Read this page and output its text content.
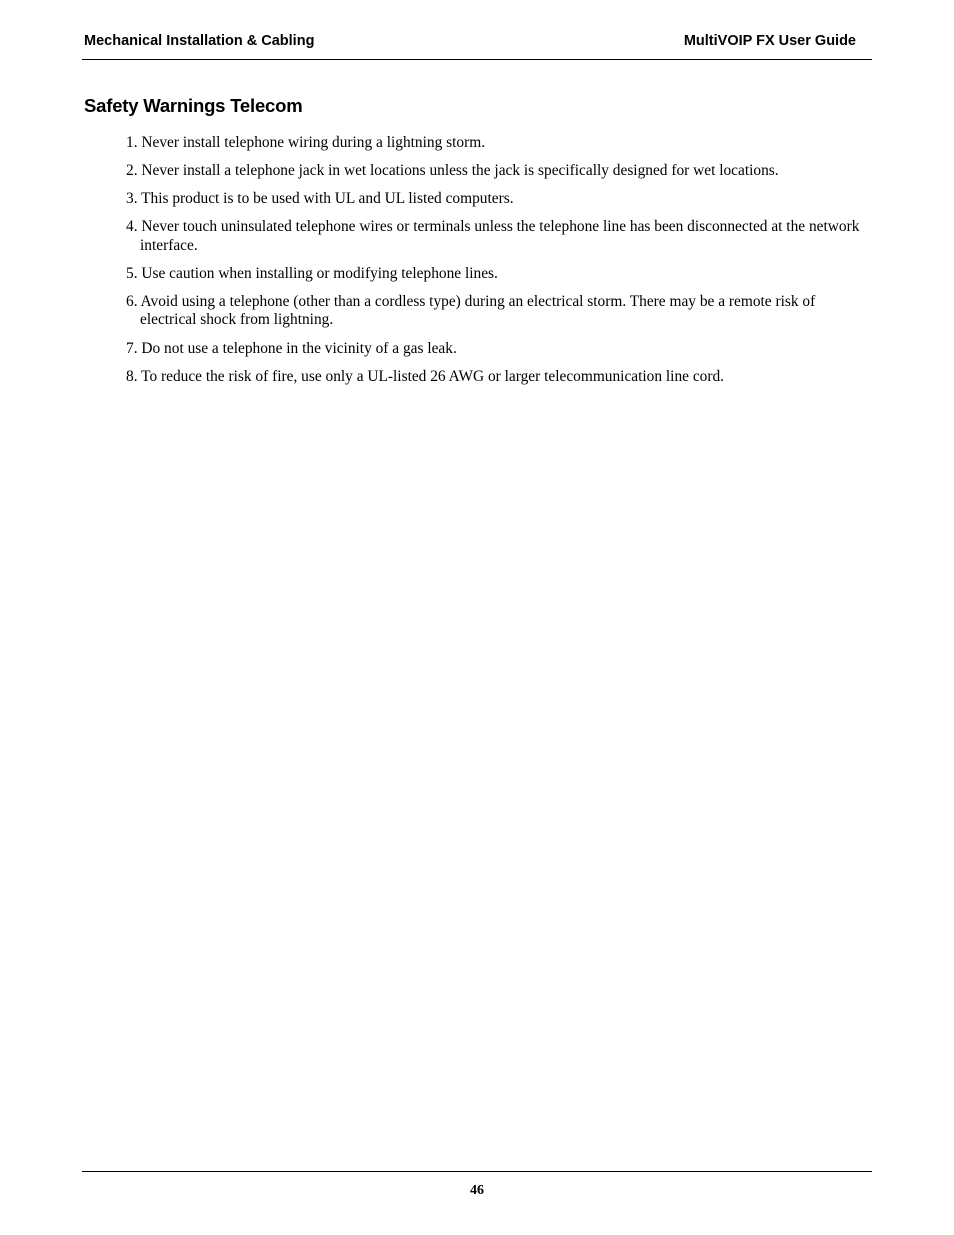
Mechanical Installation & Cabling	MultiVOIP FX User Guide
Safety Warnings Telecom
1. Never install telephone wiring during a lightning storm.
2. Never install a telephone jack in wet locations unless the jack is specifically designed for wet locations.
3. This product is to be used with UL and UL listed computers.
4. Never touch uninsulated telephone wires or terminals unless the telephone line has been disconnected at the network interface.
5. Use caution when installing or modifying telephone lines.
6. Avoid using a telephone (other than a cordless type) during an electrical storm. There may be a remote risk of electrical shock from lightning.
7. Do not use a telephone in the vicinity of a gas leak.
8. To reduce the risk of fire, use only a UL-listed 26 AWG or larger telecommunication line cord.
46
